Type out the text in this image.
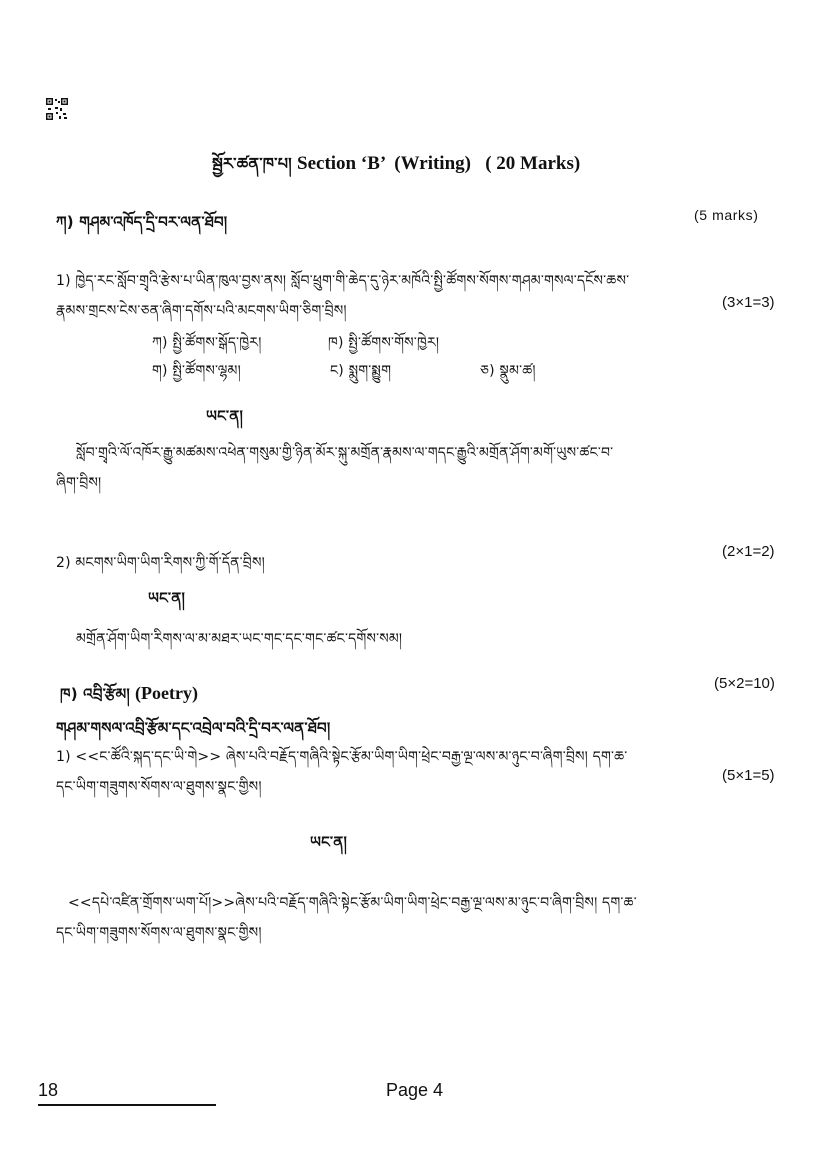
སྦྱོར་ཚན་ཁ་པ། Section ‘B’  (Writing)   ( 20 Marks)
ཀ) གཤམ་འཁོད་དྲི་བར་ལན་ཐོབ།	(5 marks)
1) ཁྱེད་རང་སློབ་གྲྭའི་རྩེས་པ་ཡིན་ཁུལ་བྱས་ནས། སློབ་ཕྲུག་གི་ཆེད་དུ་ཉེར་མཁོའི་སྤྱི་ཚོགས་སོགས་གཤམ་གསལ་དངོས་ཆས་
རྣམས་གྲངས་ངེས་ཅན་ཞིག་དགོས་པའི་མངགས་ཡིག་ཅིག་བྲིས།	(3×1=3)
ཀ) སྤྱི་ཚོགས་སྒོད་ཁྱེར།	ཁ) སྤྱི་ཚོགས་གོས་ཁྱེར།
ག) སྤྱི་ཚོགས་ལྷམ།	ང) སྨུག་སྨྱུག	ཅ) སྣུམ་ཚ།
ཡང་ན།
སློབ་གྲྭའི་ལོ་འཁོར་རྒྱུ་མཚམས་འཕེན་གསུམ་གྱི་ཉིན་མོར་སྐུ་མགྲོན་རྣམས་ལ་གདང་རྒྱུའི་མགྲོན་ཤོག་མགོ་ཡུས་ཚང་བ་
ཞིག་བྲིས།
2) མངགས་ཡིག་ཡིག་རིགས་ཀྱི་གོ་དོན་བྲིས།
(2×1=2)
ཡང་ན།
མགྲོན་ཤོག་ཡིག་རིགས་ལ་མ་མཐར་ཡང་གང་དང་གང་ཚང་དགོས་སམ།
ཁ) འབྲི་རྩོམ། (Poetry)	(5×2=10)
གཤམ་གསལ་འབྲི་རྩོམ་དང་འབྲེལ་བའི་དྲི་བར་ལན་ཐོབ།
1) <<ང་ཚོའི་སྐད་དང་ཡི་གེ>> ཞེས་པའི་བརྗོད་གཞིའི་སྟེང་རྩོམ་ཡིག་ཡིག་ཕྲེང་བརྒྱ་ལྔ་ལས་མ་ཉུང་བ་ཞིག་བྲིས། དག་ཆ་
དང་ཡིག་གཟུགས་སོགས་ལ་ཐུགས་སྣང་གྱིས།
(5×1=5)
ཡང་ན།
<<དཔེ་འཛིན་གྲོགས་ཡག་པོ།>>ཞེས་པའི་བརྗོད་གཞིའི་སྟེང་རྩོམ་ཡིག་ཡིག་ཕྲེང་བརྒྱ་ལྔ་ལས་མ་ཉུང་བ་ཞིག་བྲིས། དག་ཆ་
དང་ཡིག་གཟུགས་སོགས་ལ་ཐུགས་སྣང་གྱིས།
18	Page 4
